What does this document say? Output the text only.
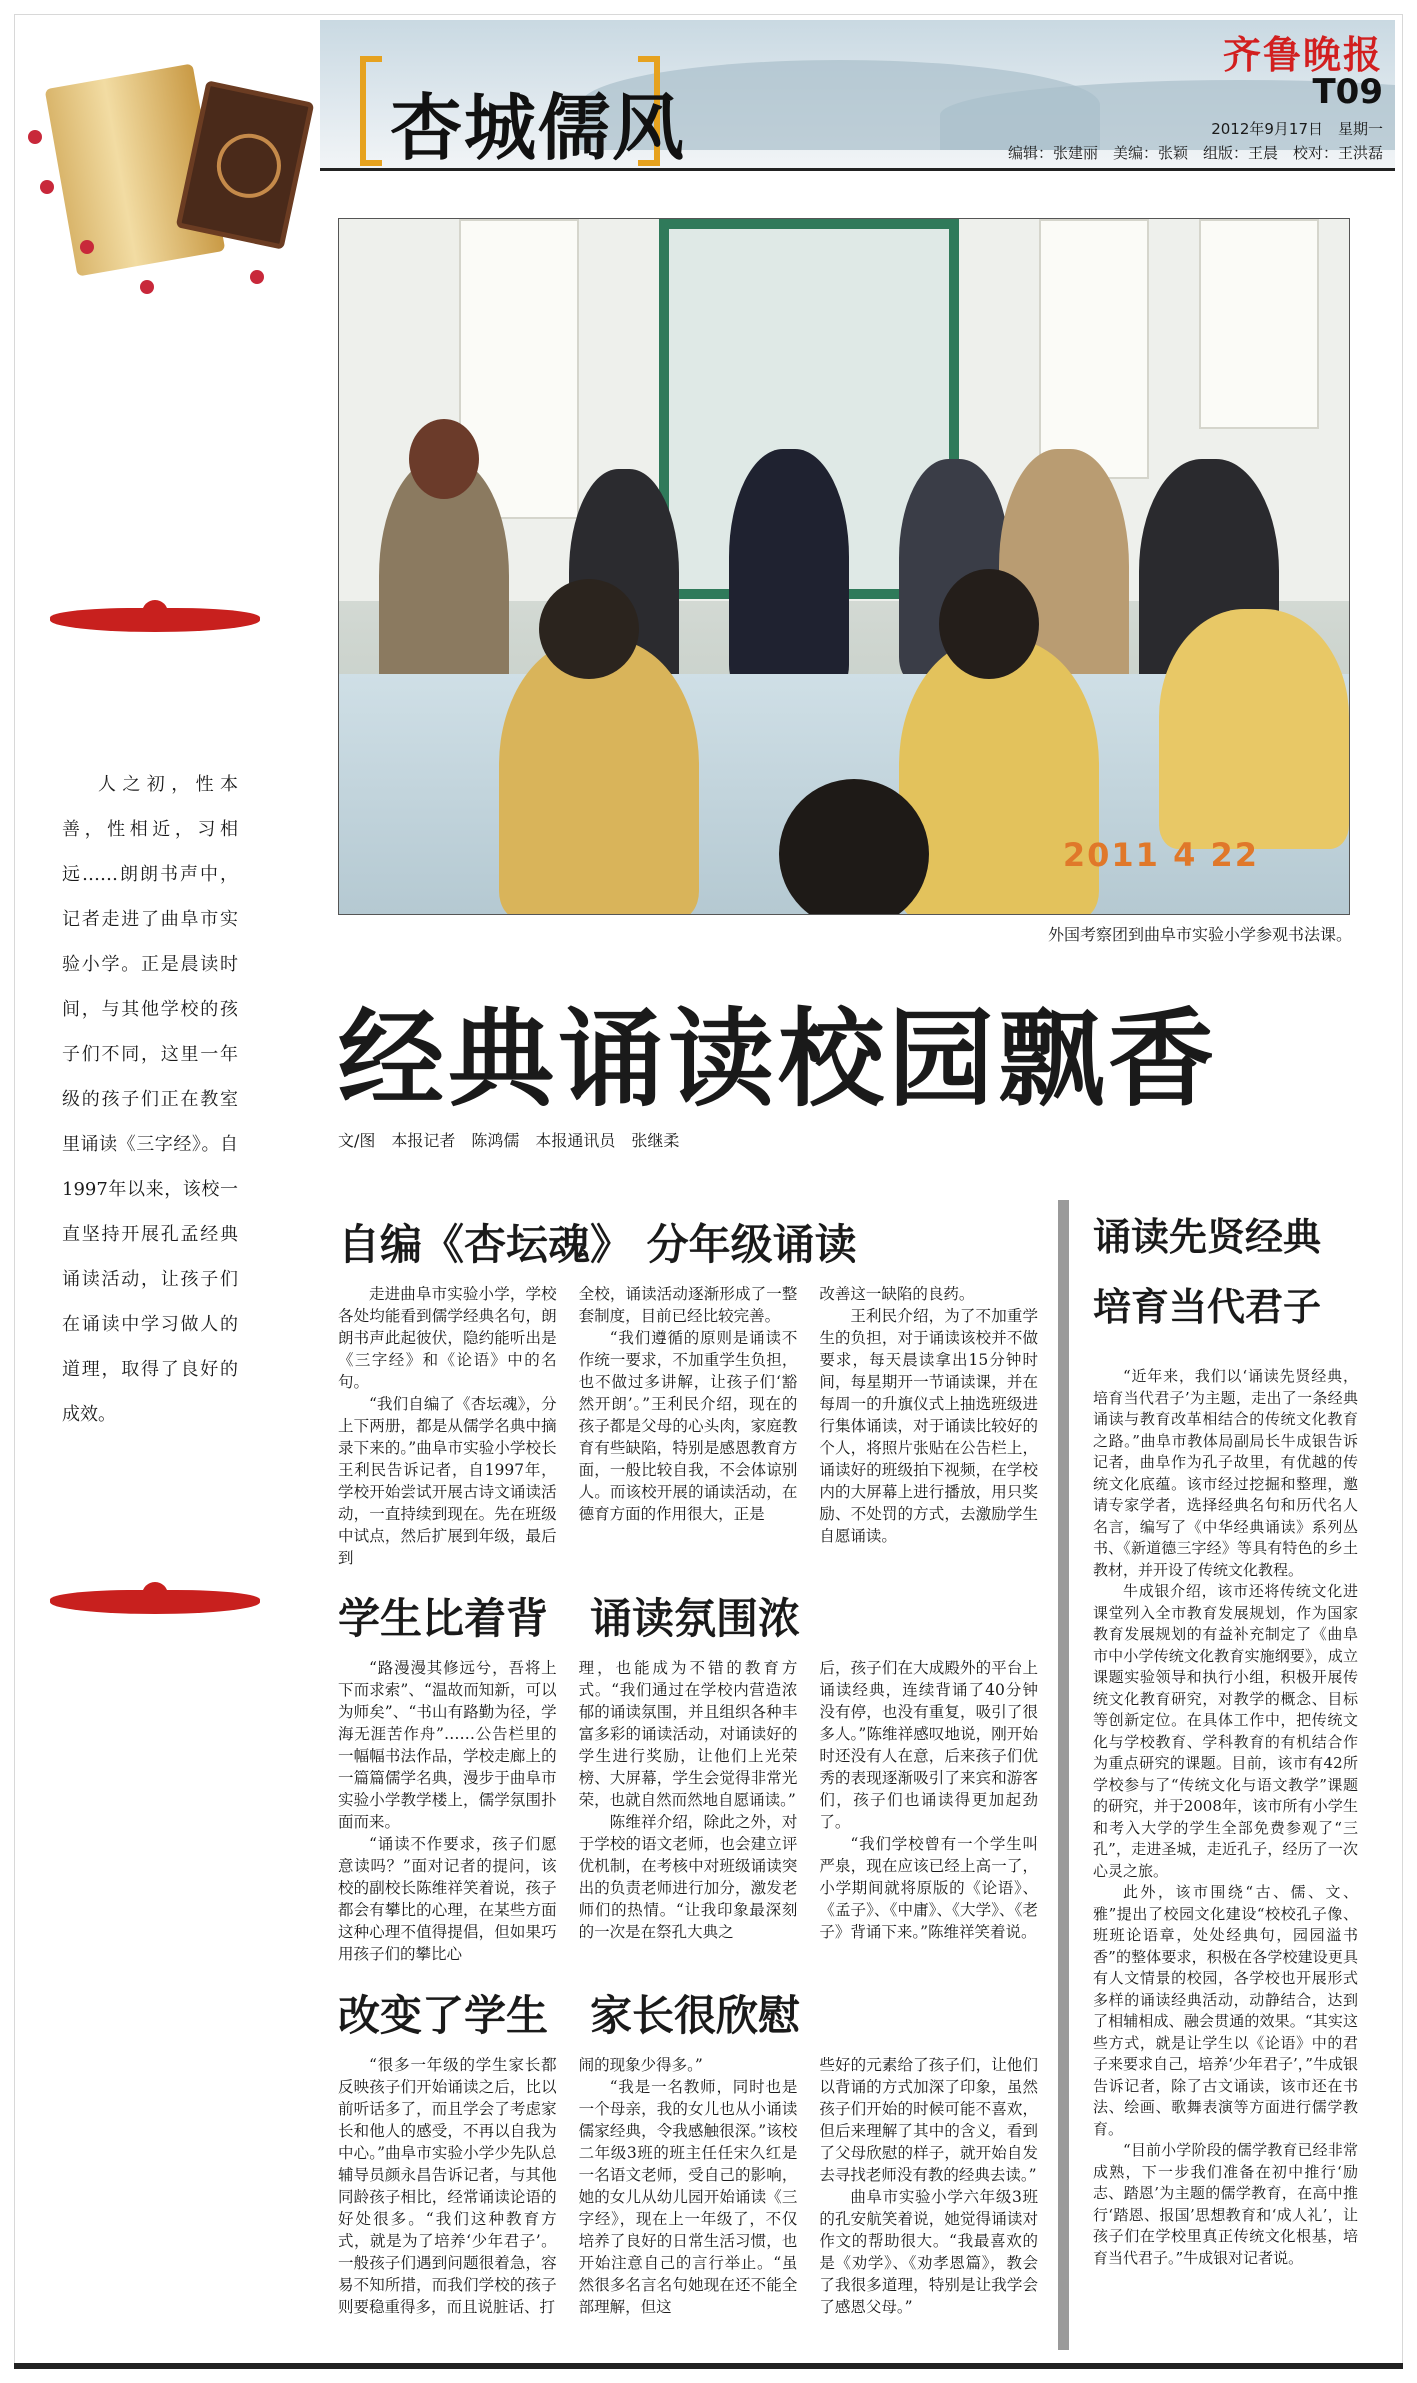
杏城儒风
齐鲁晚报
T09
2012年9月17日　星期一
编辑：张建丽　美编：张颖　组版：王晨　校对：王洪磊
人之初，性本善，性相近，习相远……朗朗书声中，记者走进了曲阜市实验小学。正是晨读时间，与其他学校的孩子们不同，这里一年级的孩子们正在教室里诵读《三字经》。自1997年以来，该校一直坚持开展孔孟经典诵读活动，让孩子们在诵读中学习做人的道理，取得了良好的成效。
2011 4 22
外国考察团到曲阜市实验小学参观书法课。
经典诵读校园飘香
文/图　本报记者　陈鸿儒　本报通讯员　张继柔
自编《杏坛魂》 分年级诵读

走进曲阜市实验小学，学校各处均能看到儒学经典名句，朗朗书声此起彼伏，隐约能听出是《三字经》和《论语》中的名句。

“我们自编了《杏坛魂》，分上下两册，都是从儒学名典中摘录下来的。”曲阜市实验小学校长王利民告诉记者，自1997年，学校开始尝试开展古诗文诵读活动，一直持续到现在。先在班级中试点，然后扩展到年级，最后到

全校，诵读活动逐渐形成了一整套制度，目前已经比较完善。

“我们遵循的原则是诵读不作统一要求，不加重学生负担，也不做过多讲解，让孩子们‘豁然开朗’。”王利民介绍，现在的孩子都是父母的心头肉，家庭教育有些缺陷，特别是感恩教育方面，一般比较自我，不会体谅别人。而该校开展的诵读活动，在德育方面的作用很大，正是

改善这一缺陷的良药。

王利民介绍，为了不加重学生的负担，对于诵读该校并不做要求，每天晨读拿出15分钟时间，每星期开一节诵读课，并在每周一的升旗仪式上抽选班级进行集体诵读，对于诵读比较好的个人，将照片张贴在公告栏上，诵读好的班级拍下视频，在学校内的大屏幕上进行播放，用只奖励、不处罚的方式，去激励学生自愿诵读。

学生比着背　诵读氛围浓

“路漫漫其修远兮，吾将上下而求索”、“温故而知新，可以为师矣”、“书山有路勤为径，学海无涯苦作舟”……公告栏里的一幅幅书法作品，学校走廊上的一篇篇儒学名典，漫步于曲阜市实验小学教学楼上，儒学氛围扑面而来。

“诵读不作要求，孩子们愿意读吗？”面对记者的提问，该校的副校长陈维祥笑着说，孩子都会有攀比的心理，在某些方面这种心理不值得提倡，但如果巧用孩子们的攀比心

理，也能成为不错的教育方式。“我们通过在学校内营造浓郁的诵读氛围，并且组织各种丰富多彩的诵读活动，对诵读好的学生进行奖励，让他们上光荣榜、大屏幕，学生会觉得非常光荣，也就自然而然地自愿诵读。”

陈维祥介绍，除此之外，对于学校的语文老师，也会建立评优机制，在考核中对班级诵读突出的负责老师进行加分，激发老师们的热情。“让我印象最深刻的一次是在祭孔大典之

后，孩子们在大成殿外的平台上诵读经典，连续背诵了40分钟没有停，也没有重复，吸引了很多人。”陈维祥感叹地说，刚开始时还没有人在意，后来孩子们优秀的表现逐渐吸引了来宾和游客们，孩子们也诵读得更加起劲了。

“我们学校曾有一个学生叫严泉，现在应该已经上高一了，小学期间就将原版的《论语》、《孟子》、《中庸》、《大学》、《老子》背诵下来。”陈维祥笑着说。

改变了学生　家长很欣慰

“很多一年级的学生家长都反映孩子们开始诵读之后，比以前听话多了，而且学会了考虑家长和他人的感受，不再以自我为中心。”曲阜市实验小学少先队总辅导员颜永昌告诉记者，与其他同龄孩子相比，经常诵读论语的好处很多。“我们这种教育方式，就是为了培养‘少年君子’。一般孩子们遇到问题很着急，容易不知所措，而我们学校的孩子则要稳重得多，而且说脏话、打

闹的现象少得多。”

“我是一名教师，同时也是一个母亲，我的女儿也从小诵读儒家经典，令我感触很深。”该校二年级3班的班主任任宋久红是一名语文老师，受自己的影响，她的女儿从幼儿园开始诵读《三字经》，现在上一年级了，不仅培养了良好的日常生活习惯，也开始注意自己的言行举止。“虽然很多名言名句她现在还不能全部理解，但这

些好的元素给了孩子们，让他们以背诵的方式加深了印象，虽然孩子们开始的时候可能不喜欢，但后来理解了其中的含义，看到了父母欣慰的样子，就开始自发去寻找老师没有教的经典去读。”

曲阜市实验小学六年级3班的孔安航笑着说，她觉得诵读对作文的帮助很大。“我最喜欢的是《劝学》、《劝孝恩篇》，教会了我很多道理，特别是让我学会了感恩父母。”

诵读先贤经典
培育当代君子

“近年来，我们以‘诵读先贤经典，培育当代君子’为主题，走出了一条经典诵读与教育改革相结合的传统文化教育之路。”曲阜市教体局副局长牛成银告诉记者，曲阜作为孔子故里，有优越的传统文化底蕴。该市经过挖掘和整理，邀请专家学者，选择经典名句和历代名人名言，编写了《中华经典诵读》系列丛书、《新道德三字经》等具有特色的乡土教材，并开设了传统文化教程。

牛成银介绍，该市还将传统文化进课堂列入全市教育发展规划，作为国家教育发展规划的有益补充制定了《曲阜市中小学传统文化教育实施纲要》，成立课题实验领导和执行小组，积极开展传统文化教育研究，对教学的概念、目标等创新定位。在具体工作中，把传统文化与学校教育、学科教育的有机结合作为重点研究的课题。目前，该市有42所学校参与了“传统文化与语文教学”课题的研究，并于2008年，该市所有小学生和考入大学的学生全部免费参观了“三孔”，走进圣城，走近孔子，经历了一次心灵之旅。

此外，该市围绕“古、儒、文、雅”提出了校园文化建设“校校孔子像、班班论语章，处处经典句，园园溢书香”的整体要求，积极在各学校建设更具有人文情景的校园，各学校也开展形式多样的诵读经典活动，动静结合，达到了相辅相成、融会贯通的效果。“其实这些方式，就是让学生以《论语》中的君子来要求自己，培养‘少年君子’，”牛成银告诉记者，除了古文诵读，该市还在书法、绘画、歌舞表演等方面进行儒学教育。

“目前小学阶段的儒学教育已经非常成熟，下一步我们准备在初中推行‘励志、踏恩’为主题的儒学教育，在高中推行‘踏恩、报国’思想教育和‘成人礼’，让孩子们在学校里真正传统文化根基，培育当代君子。”牛成银对记者说。
